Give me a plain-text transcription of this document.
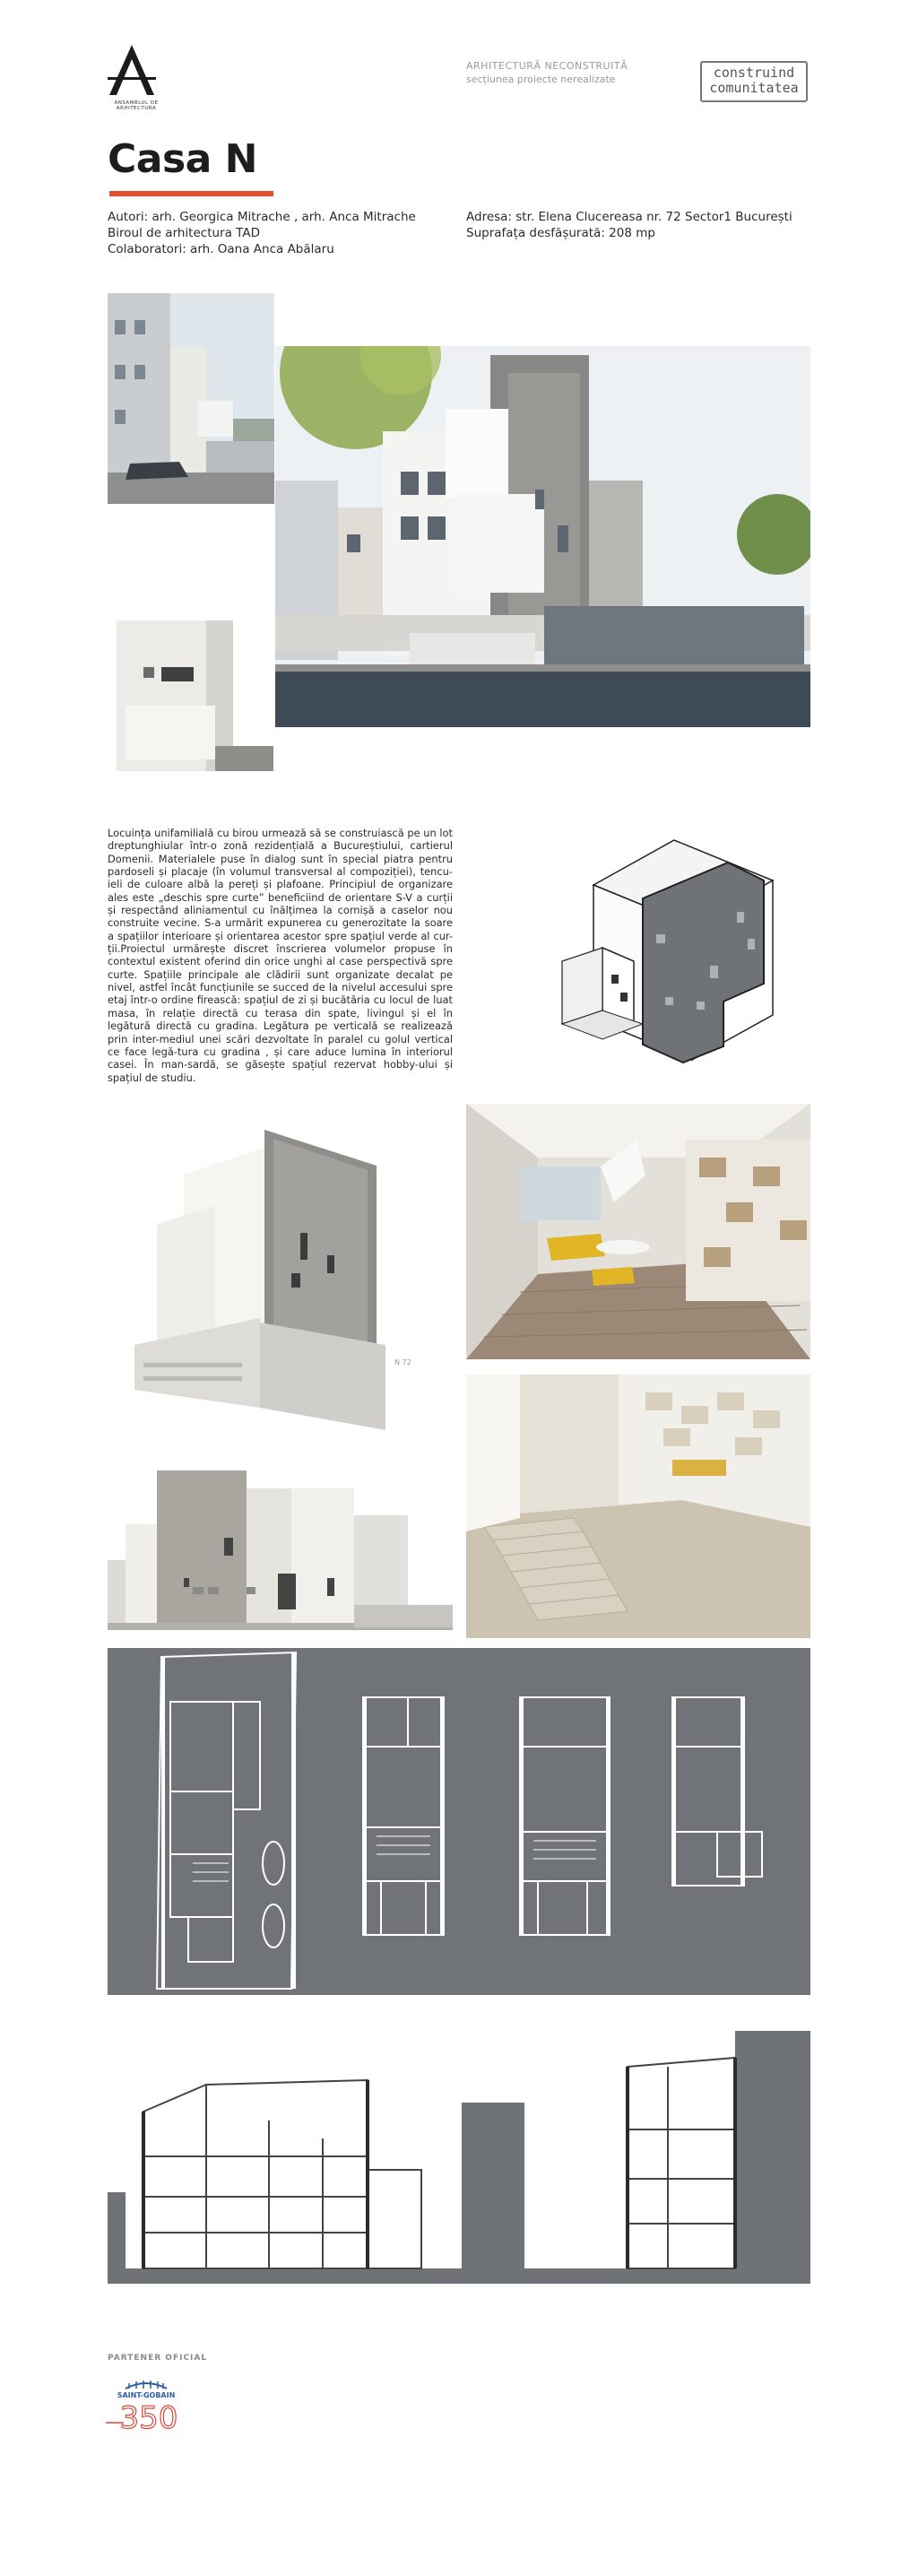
ANSAMBLUL DE ARHITECTURA
ARHITECTURĂ NECONSTRUITĂ
secțiunea proiecte nerealizate	construind
comunitatea
Casa N
Autori: arh. Georgica Mitrache , arh. Anca Mitrache
Biroul de arhitectura TAD
Colaboratori: arh. Oana Anca Abălaru
Adresa: str. Elena Clucereasa nr. 72 Sector1 București
Suprafața desfășurată: 208 mp
Locuința unifamilială cu birou urmează să se construiască pe un lot dreptunghiular într-o zonă rezidențială a Bucureștiului, cartierul Domenii. Materialele puse în dialog sunt în special piatra pentru pardoseli și placaje (în volumul transversal al compoziției), tencu-ieli de culoare albă la pereți și plafoane. Principiul de organizare ales este „deschis spre curte” beneficiind de orientare S-V a curții și respectând aliniamentul cu înălțimea la cornișă a caselor nou construite vecine. S-a urmărit expunerea cu generozitate la soare a spațiilor interioare și orientarea acestor spre spațiul verde al cur-ții.Proiectul urmărește discret înscrierea volumelor propuse în contextul existent oferind din orice unghi al case perspectivă spre curte. Spațiile principale ale clădirii sunt organizate decalat pe nivel, astfel încât funcțiunile se succed de la nivelul accesului spre etaj într-o ordine firească: spațiul de zi și bucătăria cu locul de luat masa, în relație directă cu terasa din spate, livingul și el în legătură directă cu gradina. Legătura pe verticală se realizează prin inter-mediul unei scări dezvoltate în paralel cu golul vertical ce face legă-tura cu gradina , și care aduce lumina în interiorul casei. În man-sardă, se găsește spațiul rezervat hobby-ului și spațiul de studiu.
N 72
PARTENER OFICIAL
SAINT-GOBAIN
350
